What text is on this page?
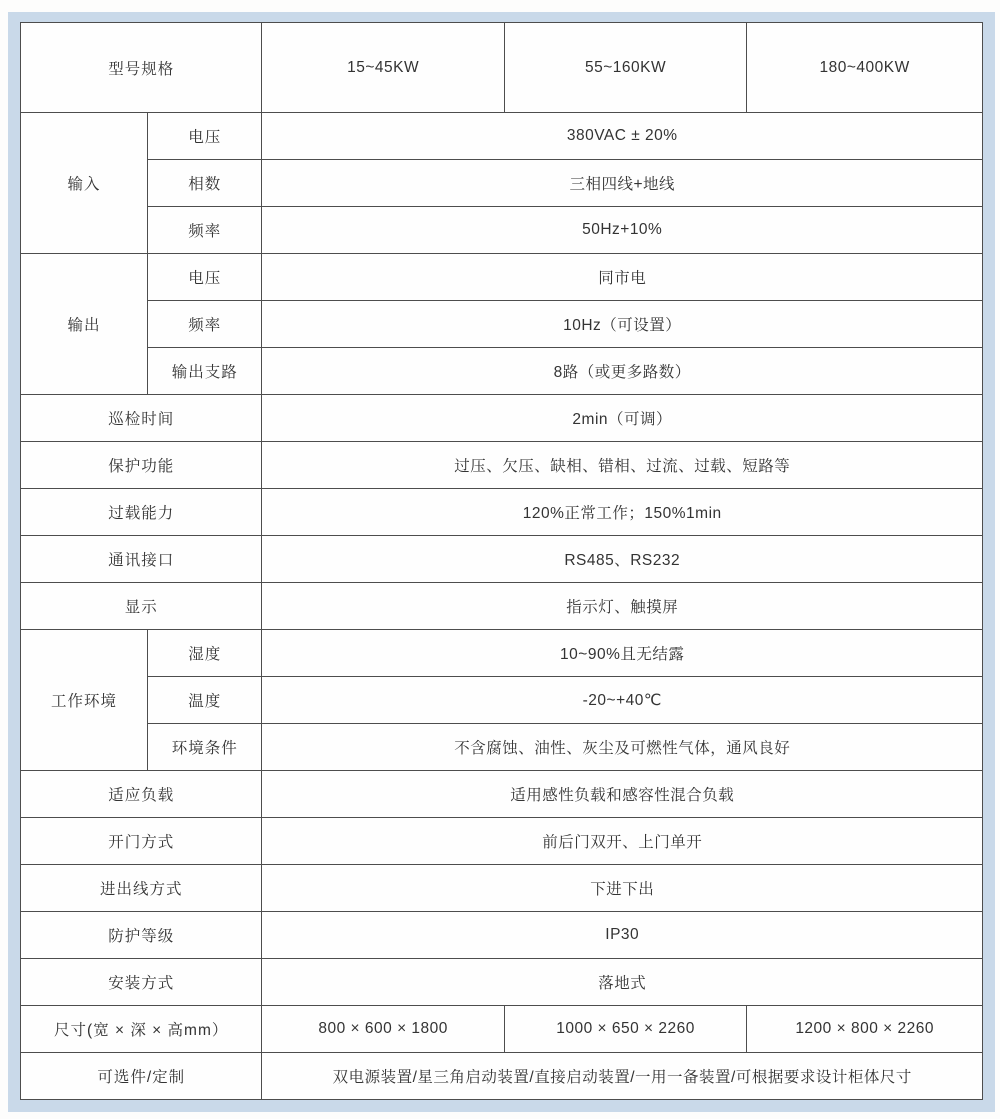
型号规格		15~45KW	55~160KW	180~400KW
输入	电压	380VAC ± 20%		
	相数	三相四线+地线		
	频率	50Hz+10%		
输出	电压	同市电		
	频率	10Hz（可设置）		
	输出支路	8路（或更多路数）		
巡检时间		2min（可调）		
保护功能		过压、欠压、缺相、错相、过流、过载、短路等		
过载能力		120%正常工作；150%1min		
通讯接口		RS485、RS232		
显示		指示灯、触摸屏		
工作环境	湿度	10~90%且无结露		
	温度	-20~+40℃		
	环境条件	不含腐蚀、油性、灰尘及可燃性气体，通风良好		
适应负载		适用感性负载和感容性混合负载		
开门方式		前后门双开、上门单开		
进出线方式		下进下出		
防护等级		IP30		
安装方式		落地式		
尺寸(宽 × 深 × 高mm）		800 × 600 × 1800	1000 × 650 × 2260	1200 × 800 × 2260
可选件/定制		双电源装置/星三角启动装置/直接启动装置/一用一备装置/可根据要求设计柜体尺寸		
